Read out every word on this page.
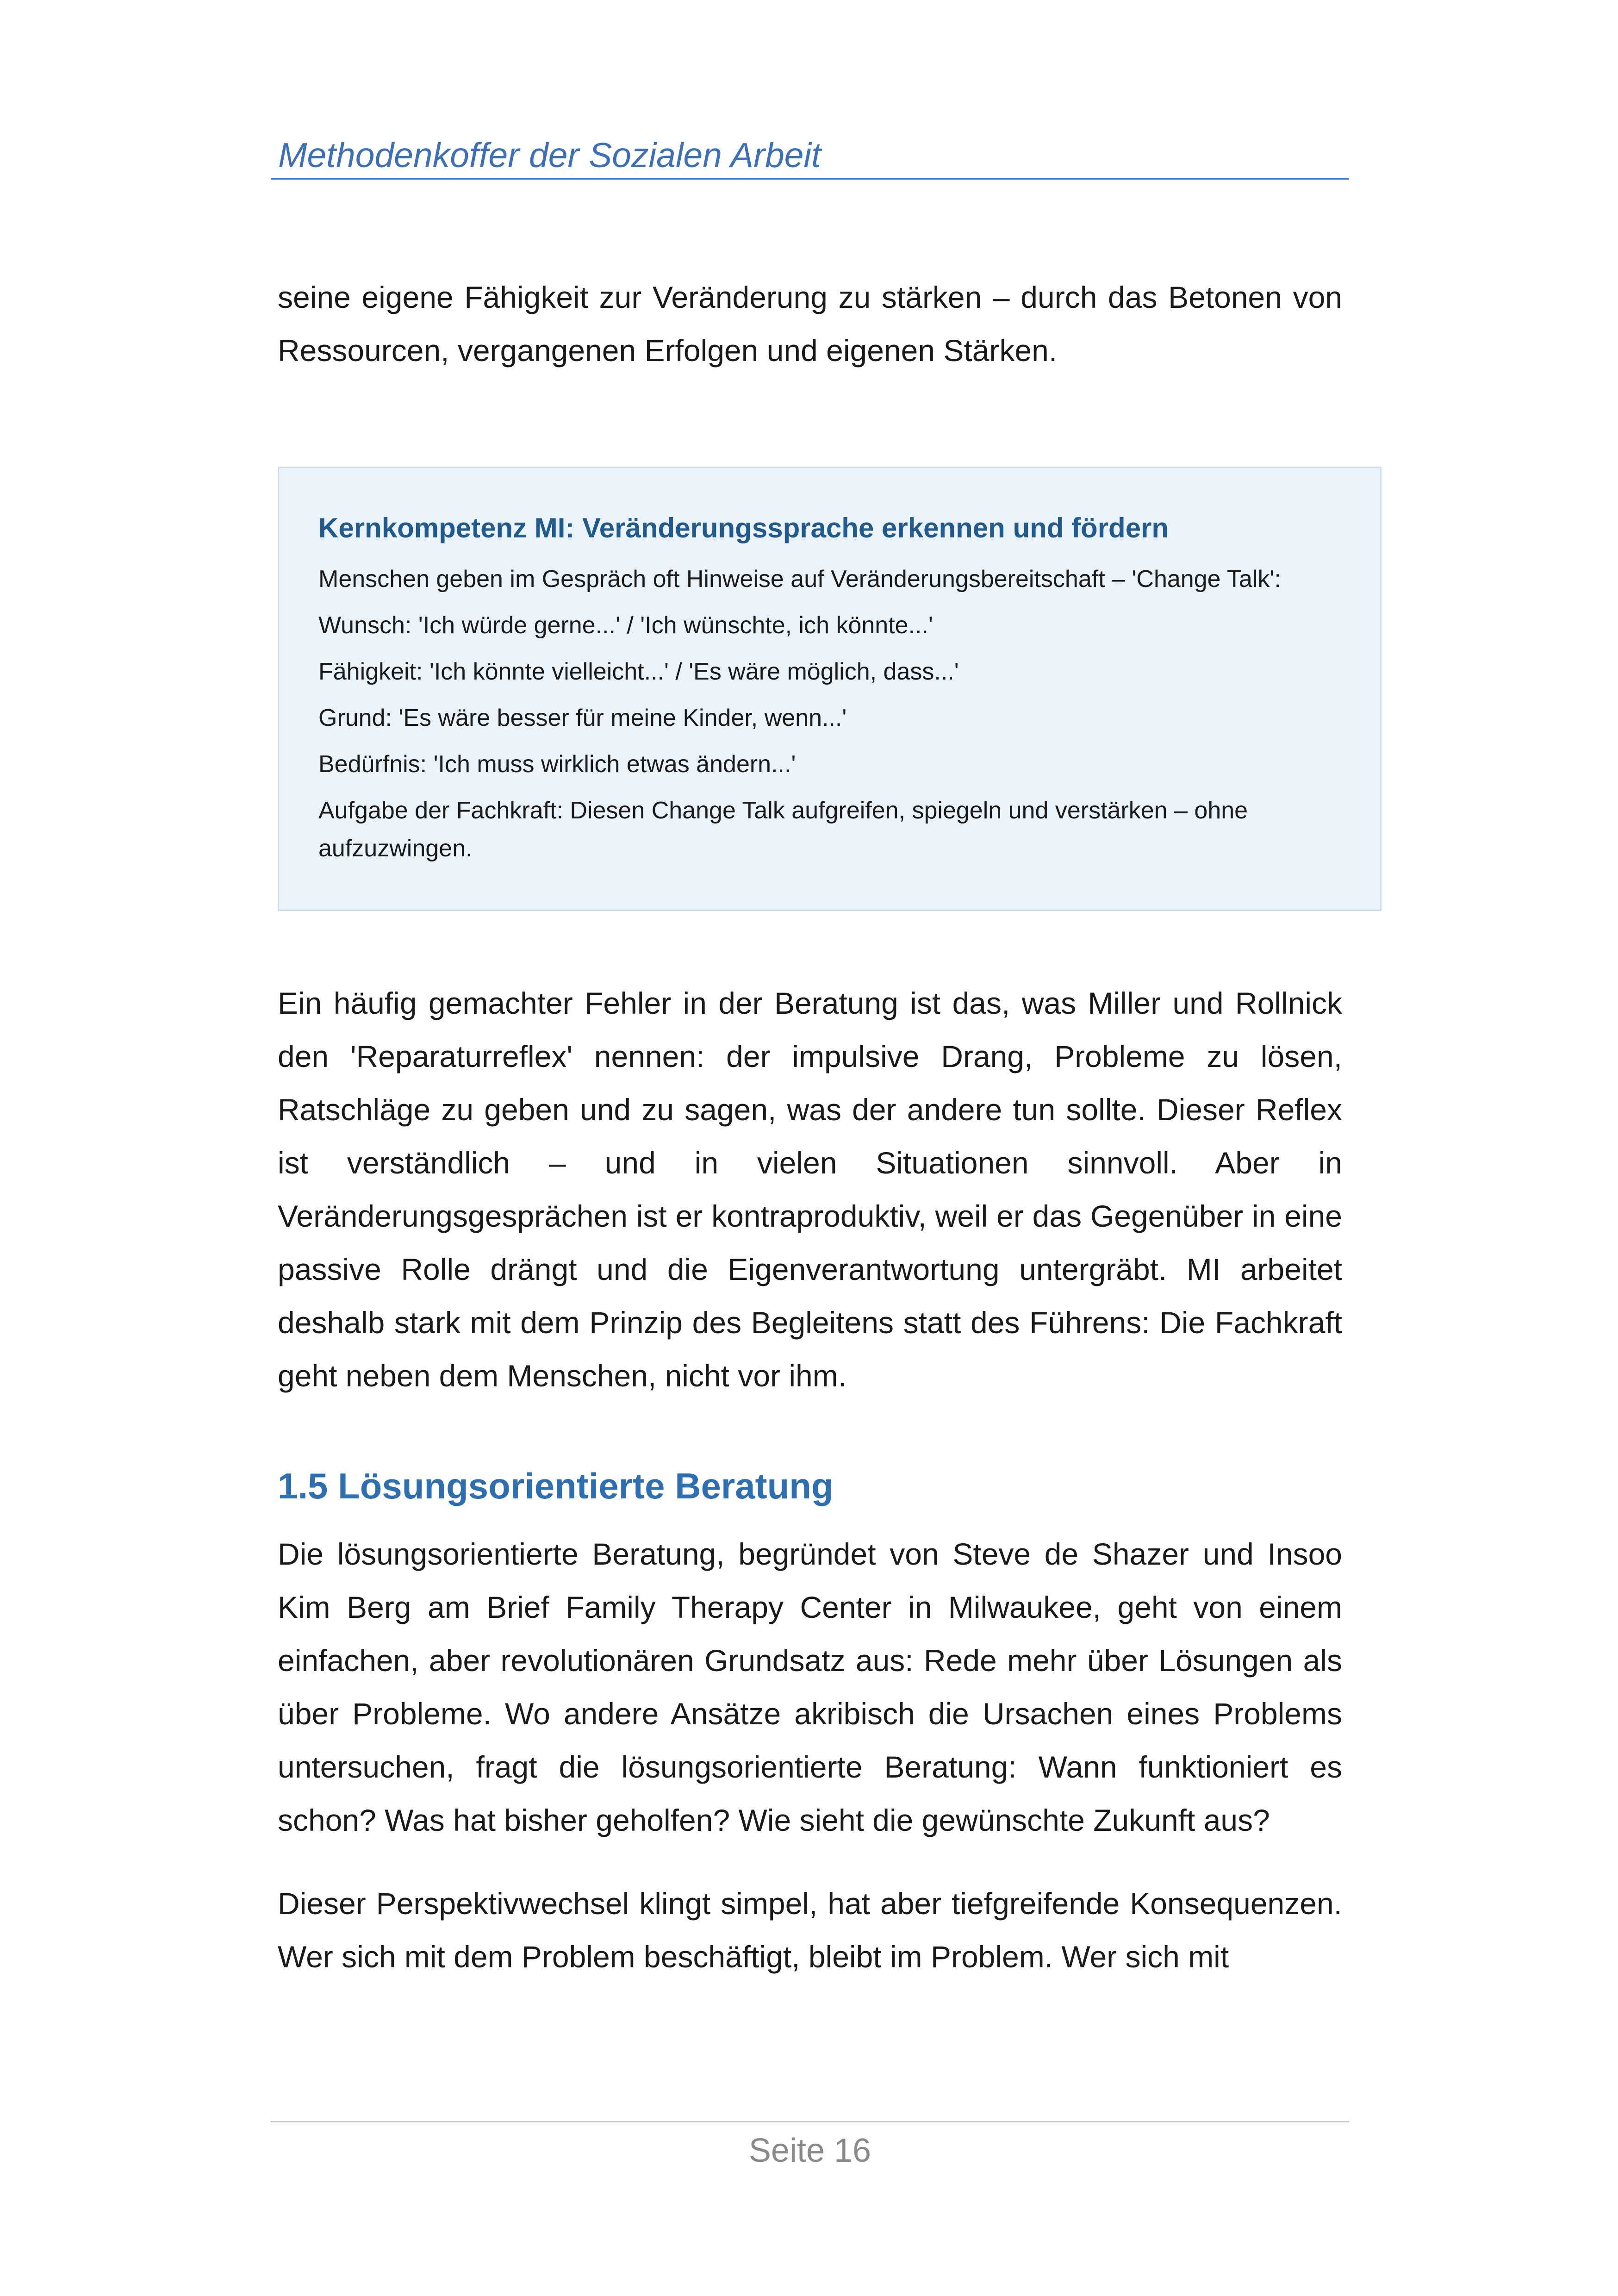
Methodenkoffer der Sozialen Arbeit

seine eigene Fähigkeit zur Veränderung zu stärken – durch das Betonen von Ressourcen, vergangenen Erfolgen und eigenen Stärken.

Kernkompetenz MI: Veränderungssprache erkennen und fördern

Menschen geben im Gespräch oft Hinweise auf Veränderungsbereitschaft – 'Change Talk':

Wunsch: 'Ich würde gerne...' / 'Ich wünschte, ich könnte...'

Fähigkeit: 'Ich könnte vielleicht...' / 'Es wäre möglich, dass...'

Grund: 'Es wäre besser für meine Kinder, wenn...'

Bedürfnis: 'Ich muss wirklich etwas ändern...'

Aufgabe der Fachkraft: Diesen Change Talk aufgreifen, spiegeln und verstärken – ohne aufzuzwingen.

Ein häufig gemachter Fehler in der Beratung ist das, was Miller und Rollnick den 'Reparaturreflex' nennen: der impulsive Drang, Probleme zu lösen, Ratschläge zu geben und zu sagen, was der andere tun sollte. Dieser Reflex ist verständlich – und in vielen Situationen sinnvoll. Aber in Veränderungsgesprächen ist er kontraproduktiv, weil er das Gegenüber in eine passive Rolle drängt und die Eigenverantwortung untergräbt. MI arbeitet deshalb stark mit dem Prinzip des Begleitens statt des Führens: Die Fachkraft geht neben dem Menschen, nicht vor ihm.

1.5 Lösungsorientierte Beratung

Die lösungsorientierte Beratung, begründet von Steve de Shazer und Insoo Kim Berg am Brief Family Therapy Center in Milwaukee, geht von einem einfachen, aber revolutionären Grundsatz aus: Rede mehr über Lösungen als über Probleme. Wo andere Ansätze akribisch die Ursachen eines Problems untersuchen, fragt die lösungsorientierte Beratung: Wann funktioniert es schon? Was hat bisher geholfen? Wie sieht die gewünschte Zukunft aus?

Dieser Perspektivwechsel klingt simpel, hat aber tiefgreifende Konsequenzen. Wer sich mit dem Problem beschäftigt, bleibt im Problem. Wer sich mit

Seite 16
